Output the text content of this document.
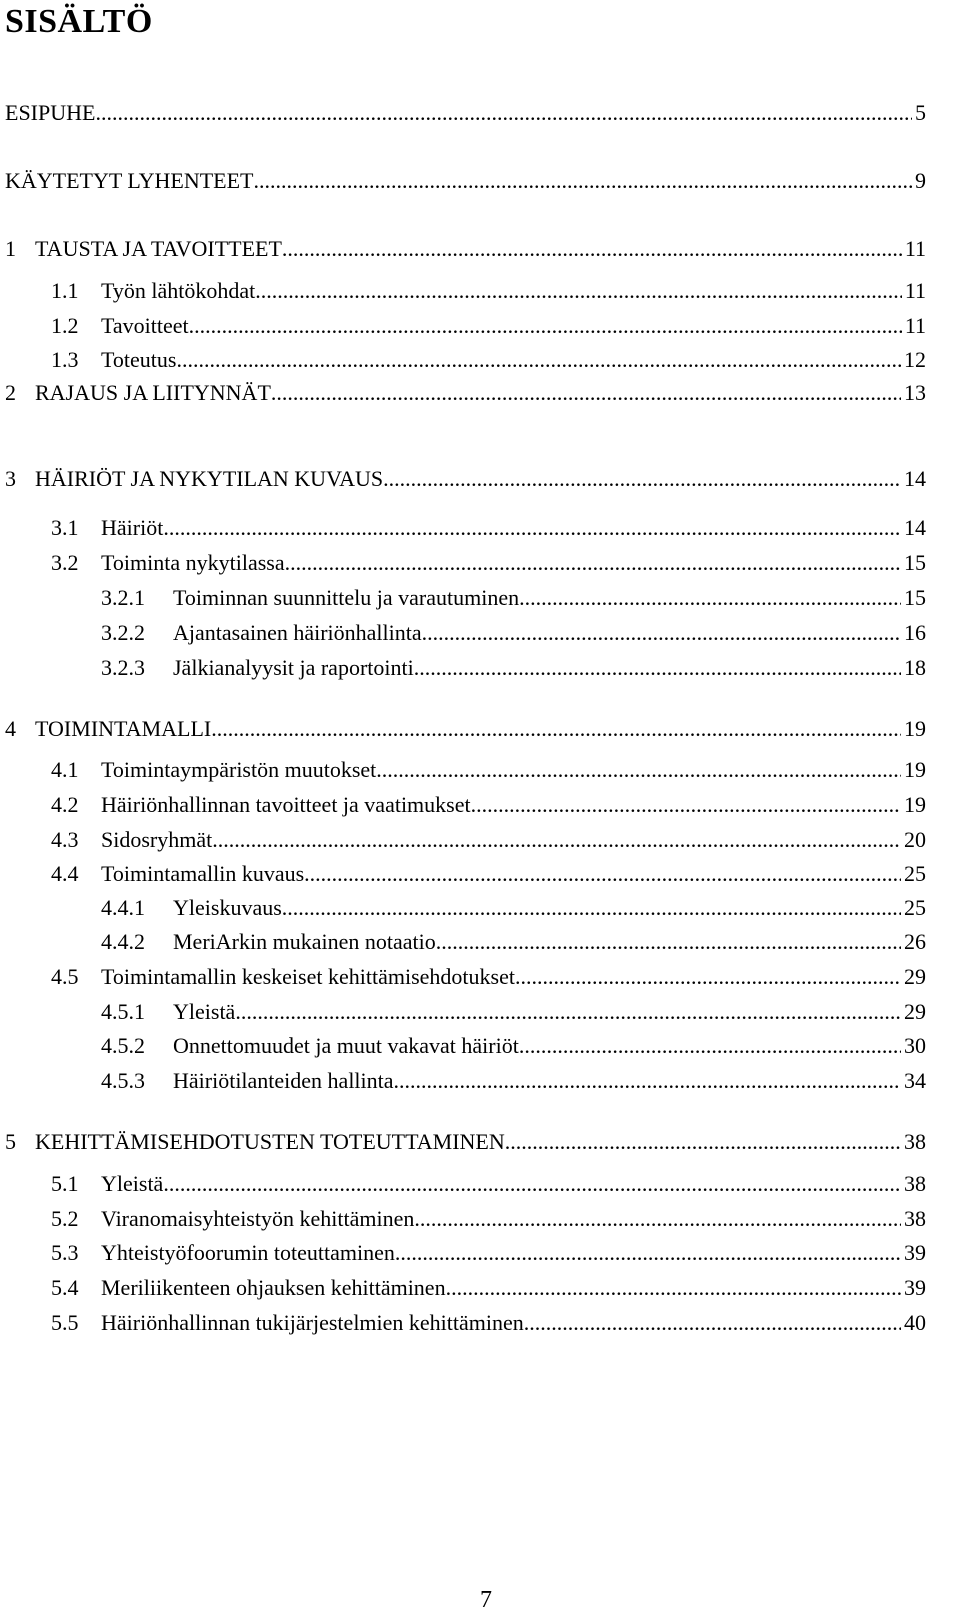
SISÄLTÖ
ESIPUHE .....	5
KÄYTETYT LYHENTEET .....	9
1 TAUSTA JA TAVOITTEET .....	11
1.1 Työn lähtökohdat .....	11
1.2 Tavoitteet .....	11
1.3 Toteutus .....	12
2 RAJAUS JA LIITYNNÄT .....	13
3 HÄIRIÖT JA NYKYTILAN KUVAUS .....	14
3.1 Häiriöt .....	14
3.2 Toiminta nykytilassa .....	15
3.2.1 Toiminnan suunnittelu ja varautuminen .....	15
3.2.2 Ajantasainen häiriönhallinta .....	16
3.2.3 Jälkianalyysit ja raportointi .....	18
4 TOIMINTAMALLI .....	19
4.1 Toimintaympäristön muutokset .....	19
4.2 Häiriönhallinnan tavoitteet ja vaatimukset .....	19
4.3 Sidosryhmät .....	20
4.4 Toimintamallin kuvaus .....	25
4.4.1 Yleiskuvaus .....	25
4.4.2 MeriArkin mukainen notaatio .....	26
4.5 Toimintamallin keskeiset kehittämisehdotukset .....	29
4.5.1 Yleistä .....	29
4.5.2 Onnettomuudet ja muut vakavat häiriöt .....	30
4.5.3 Häiriötilanteiden hallinta .....	34
5 KEHITTÄMISEHDOTUSTEN TOTEUTTAMINEN .....	38
5.1 Yleistä .....	38
5.2 Viranomaisyhteistyön kehittäminen .....	38
5.3 Yhteistyöfoorumin toteuttaminen .....	39
5.4 Meriliikenteen ohjauksen kehittäminen .....	39
5.5 Häiriönhallinnan tukijärjestelmien kehittäminen .....	40
7
